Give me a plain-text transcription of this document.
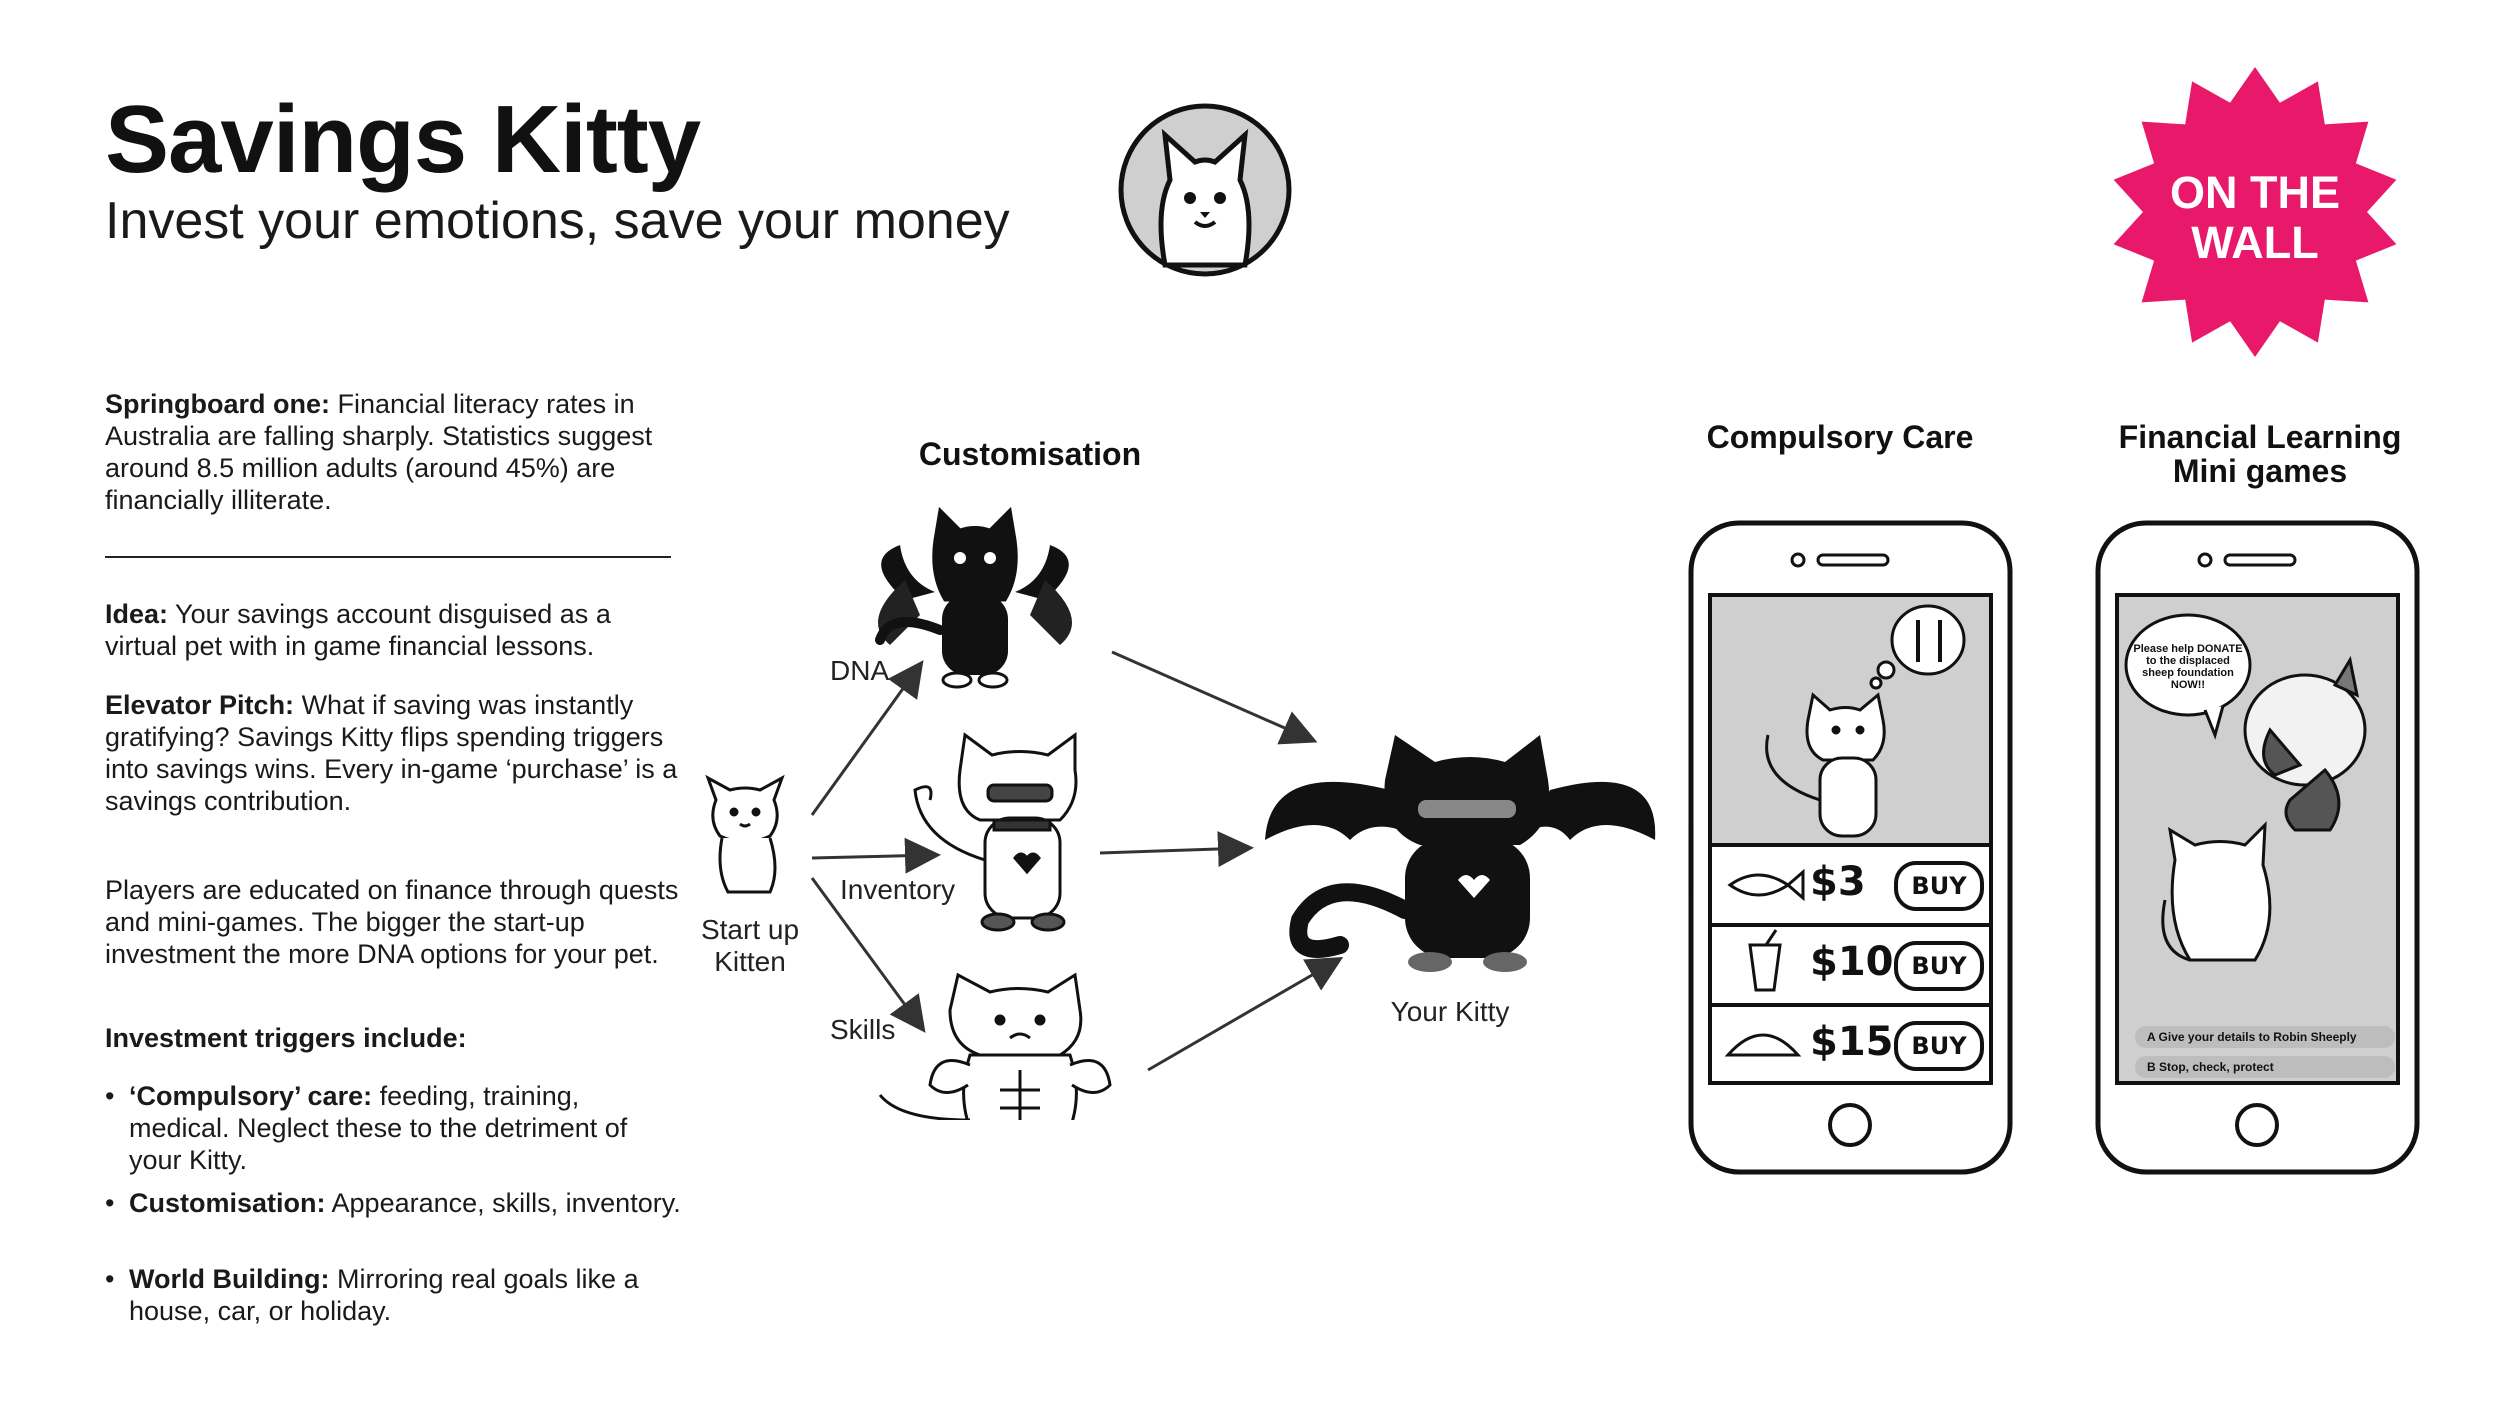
Savings Kitty
Invest your emotions, save your money	ON THE
WALL
Springboard one: Financial literacy rates in Australia are falling sharply. Statistics suggest around 8.5 million adults (around 45%) are financially illiterate.
Idea: Your savings account disguised as a virtual pet with in game financial lessons.
Elevator Pitch: What if saving was instantly gratifying? Savings Kitty flips spending triggers into savings wins. Every in-game ‘purchase’ is a savings contribution.
Players are educated on finance through quests and mini-games. The bigger the start-up investment the more DNA options for your pet.
Investment triggers include:
• ‘Compulsory’ care: feeding, training, medical. Neglect these to the detriment of your Kitty.
• Customisation: Appearance, skills, inventory.
• World Building: Mirroring real goals like a house, car, or holiday.
Customisation
DNA
Inventory
Skills
Start up Kitten
Your Kitty
Compulsory Care
$3	BUY
$10 BUY
$15 BUY
Financial Learning
Mini games
Please help DONATE to the displaced sheep foundation NOW!!
A Give your details to Robin Sheeply
B Stop, check, protect
